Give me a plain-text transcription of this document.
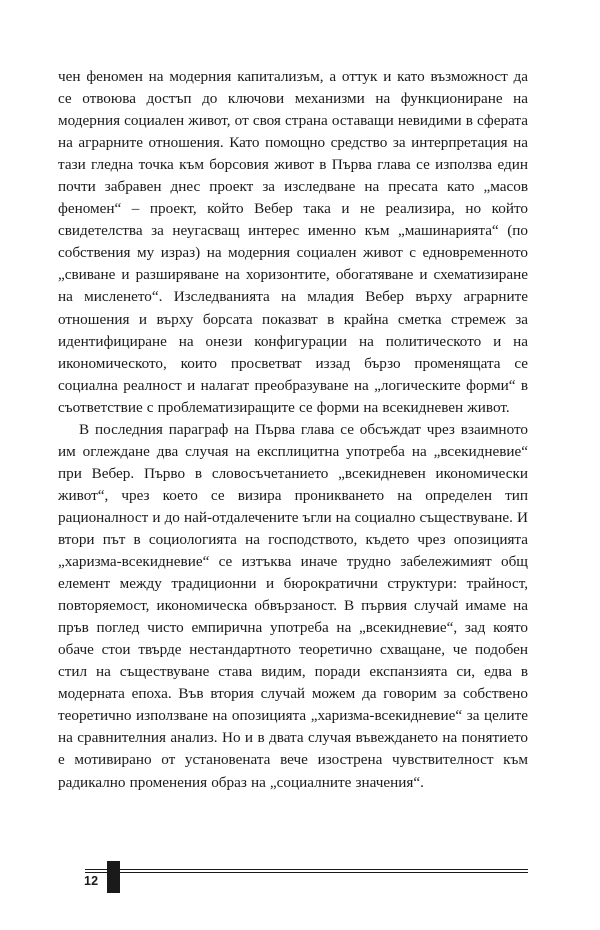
чен феномен на модерния капитализъм, а оттук и като възможност да се отвоюва достъп до ключови механизми на функциониране на модерния социален живот, от своя страна оставащи невидими в сферата на аграрните отношения. Като помощно средство за интерпретация на тази гледна точка към борсовия живот в Първа глава се използва един почти забравен днес проект за изследване на пресата като „масов феномен“ – проект, който Вебер така и не реализира, но който свидетелства за неугасващ интерес именно към „машинарията“ (по собствения му израз) на модерния социален живот с едновременното „свиване и разширяване на хоризонтите, обогатяване и схематизиране на мисленето“. Изследванията на младия Вебер върху аграрните отношения и върху борсата показват в крайна сметка стремеж за идентифициране на онези конфигурации на политическото и на икономическото, които просветват иззад бързо променящата се социална реалност и налагат преобразуване на „логическите форми“ в съответствие с проблематизиращите се форми на всекидневен живот.

В последния параграф на Първа глава се обсъждат чрез взаимното им оглеждане два случая на експлицитна употреба на „всекидневие“ при Вебер. Първо в словосъчетанието „всекидневен икономически живот“, чрез което се визира проникването на определен тип рационалност и до най-отдалечените ъгли на социално съществуване. И втори път в социологията на господството, където чрез опозицията „харизма-всекидневие“ се изтъква иначе трудно забележимият общ елемент между традиционни и бюрократични структури: трайност, повторяемост, икономическа обвързаност. В първия случай имаме на пръв поглед чисто емпирична употреба на „всекидневие“, зад която обаче стои твърде нестандартното теоретично схващане, че подобен стил на съществуване става видим, поради експанзията си, едва в модерната епоха. Във втория случай можем да говорим за собствено теоретично използване на опозицията „харизма-всекидневие“ за целите на сравнителния анализ. Но и в двата случая въвеждането на понятието е мотивирано от установената вече изострена чувствителност към радикално променения образ на „социалните значения“.

12
